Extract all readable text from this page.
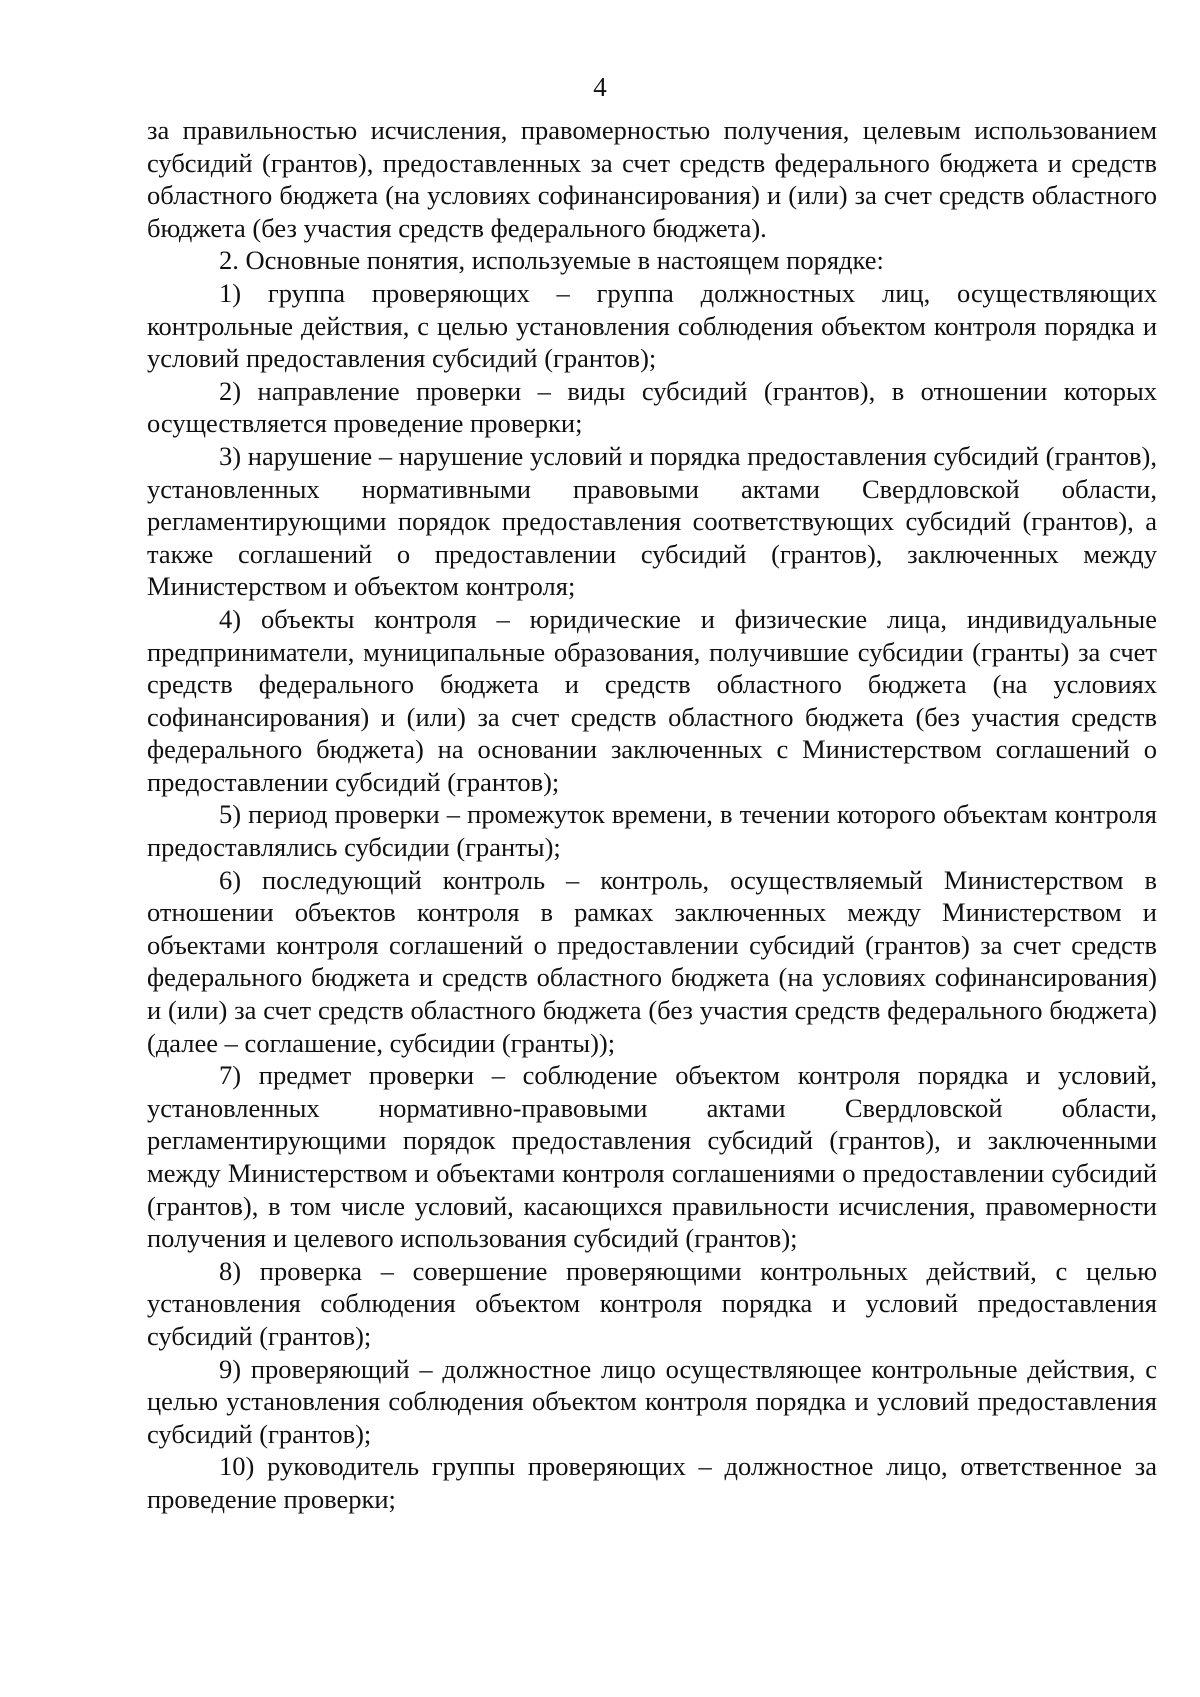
4

за правильностью исчисления, правомерностью получения, целевым использованием субсидий (грантов), предоставленных за счет средств федерального бюджета и средств областного бюджета (на условиях софинансирования) и (или) за счет средств областного бюджета (без участия средств федерального бюджета).

2. Основные понятия, используемые в настоящем порядке:

1) группа проверяющих – группа должностных лиц, осуществляющих контрольные действия, с целью установления соблюдения объектом контроля порядка и условий предоставления субсидий (грантов);

2) направление проверки – виды субсидий (грантов), в отношении которых осуществляется проведение проверки;

3) нарушение – нарушение условий и порядка предоставления субсидий (грантов), установленных нормативными правовыми актами Свердловской области, регламентирующими порядок предоставления соответствующих субсидий (грантов), а также соглашений о предоставлении субсидий (грантов), заключенных между Министерством и объектом контроля;

4) объекты контроля – юридические и физические лица, индивидуальные предприниматели, муниципальные образования, получившие субсидии (гранты) за счет средств федерального бюджета и средств областного бюджета (на условиях софинансирования) и (или) за счет средств областного бюджета (без участия средств федерального бюджета) на основании заключенных с Министерством соглашений о предоставлении субсидий (грантов);

5) период проверки – промежуток времени, в течении которого объектам контроля предоставлялись субсидии (гранты);

6) последующий контроль – контроль, осуществляемый Министерством в отношении объектов контроля в рамках заключенных между Министерством и объектами контроля соглашений о предоставлении субсидий (грантов) за счет средств федерального бюджета и средств областного бюджета (на условиях софинансирования) и (или) за счет средств областного бюджета (без участия средств федерального бюджета) (далее – соглашение, субсидии (гранты));

7) предмет проверки – соблюдение объектом контроля порядка и условий, установленных нормативно-правовыми актами Свердловской области, регламентирующими порядок предоставления субсидий (грантов), и заключенными между Министерством и объектами контроля соглашениями о предоставлении субсидий (грантов), в том числе условий, касающихся правильности исчисления, правомерности получения и целевого использования субсидий (грантов);

8) проверка – совершение проверяющими контрольных действий, с целью установления соблюдения объектом контроля порядка и условий предоставления субсидий (грантов);

9) проверяющий – должностное лицо осуществляющее контрольные действия, с целью установления соблюдения объектом контроля порядка и условий предоставления субсидий (грантов);

10) руководитель группы проверяющих – должностное лицо, ответственное за проведение проверки;
